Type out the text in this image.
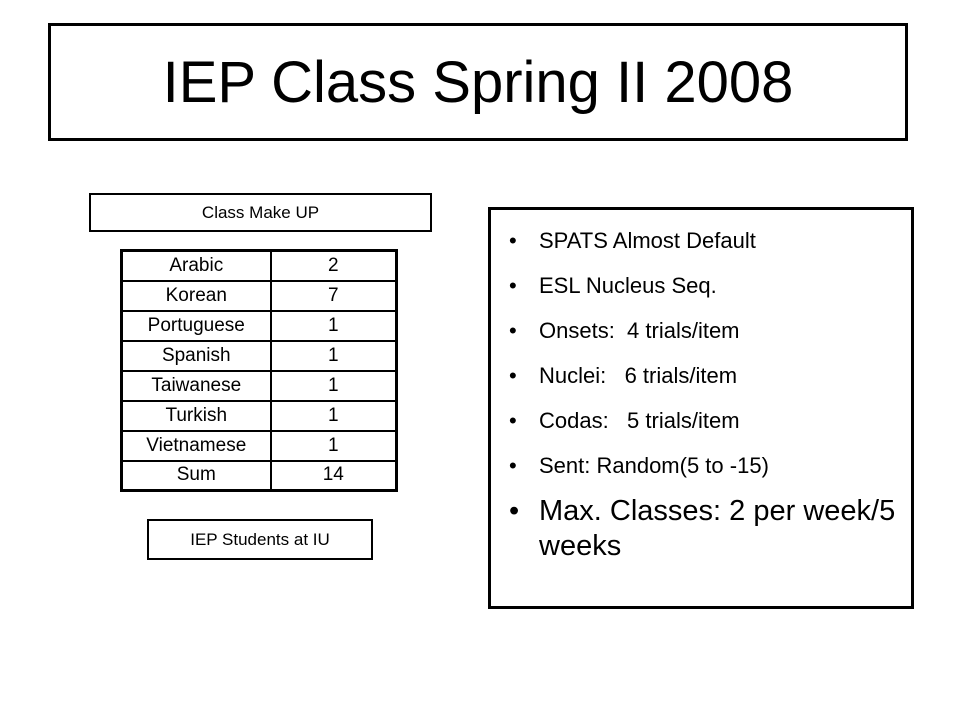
IEP Class Spring II 2008
Class Make UP
Arabic	2
Korean	7
Portuguese	1
Spanish	1
Taiwanese	1
Turkish	1
Vietnamese	1
Sum	14
IEP Students at IU
• SPATS Almost Default
• ESL Nucleus Seq.
• Onsets:  4 trials/item
• Nuclei:   6 trials/item
• Codas:   5 trials/item
• Sent: Random(5 to -15)
• Max. Classes: 2 per week/5 weeks
